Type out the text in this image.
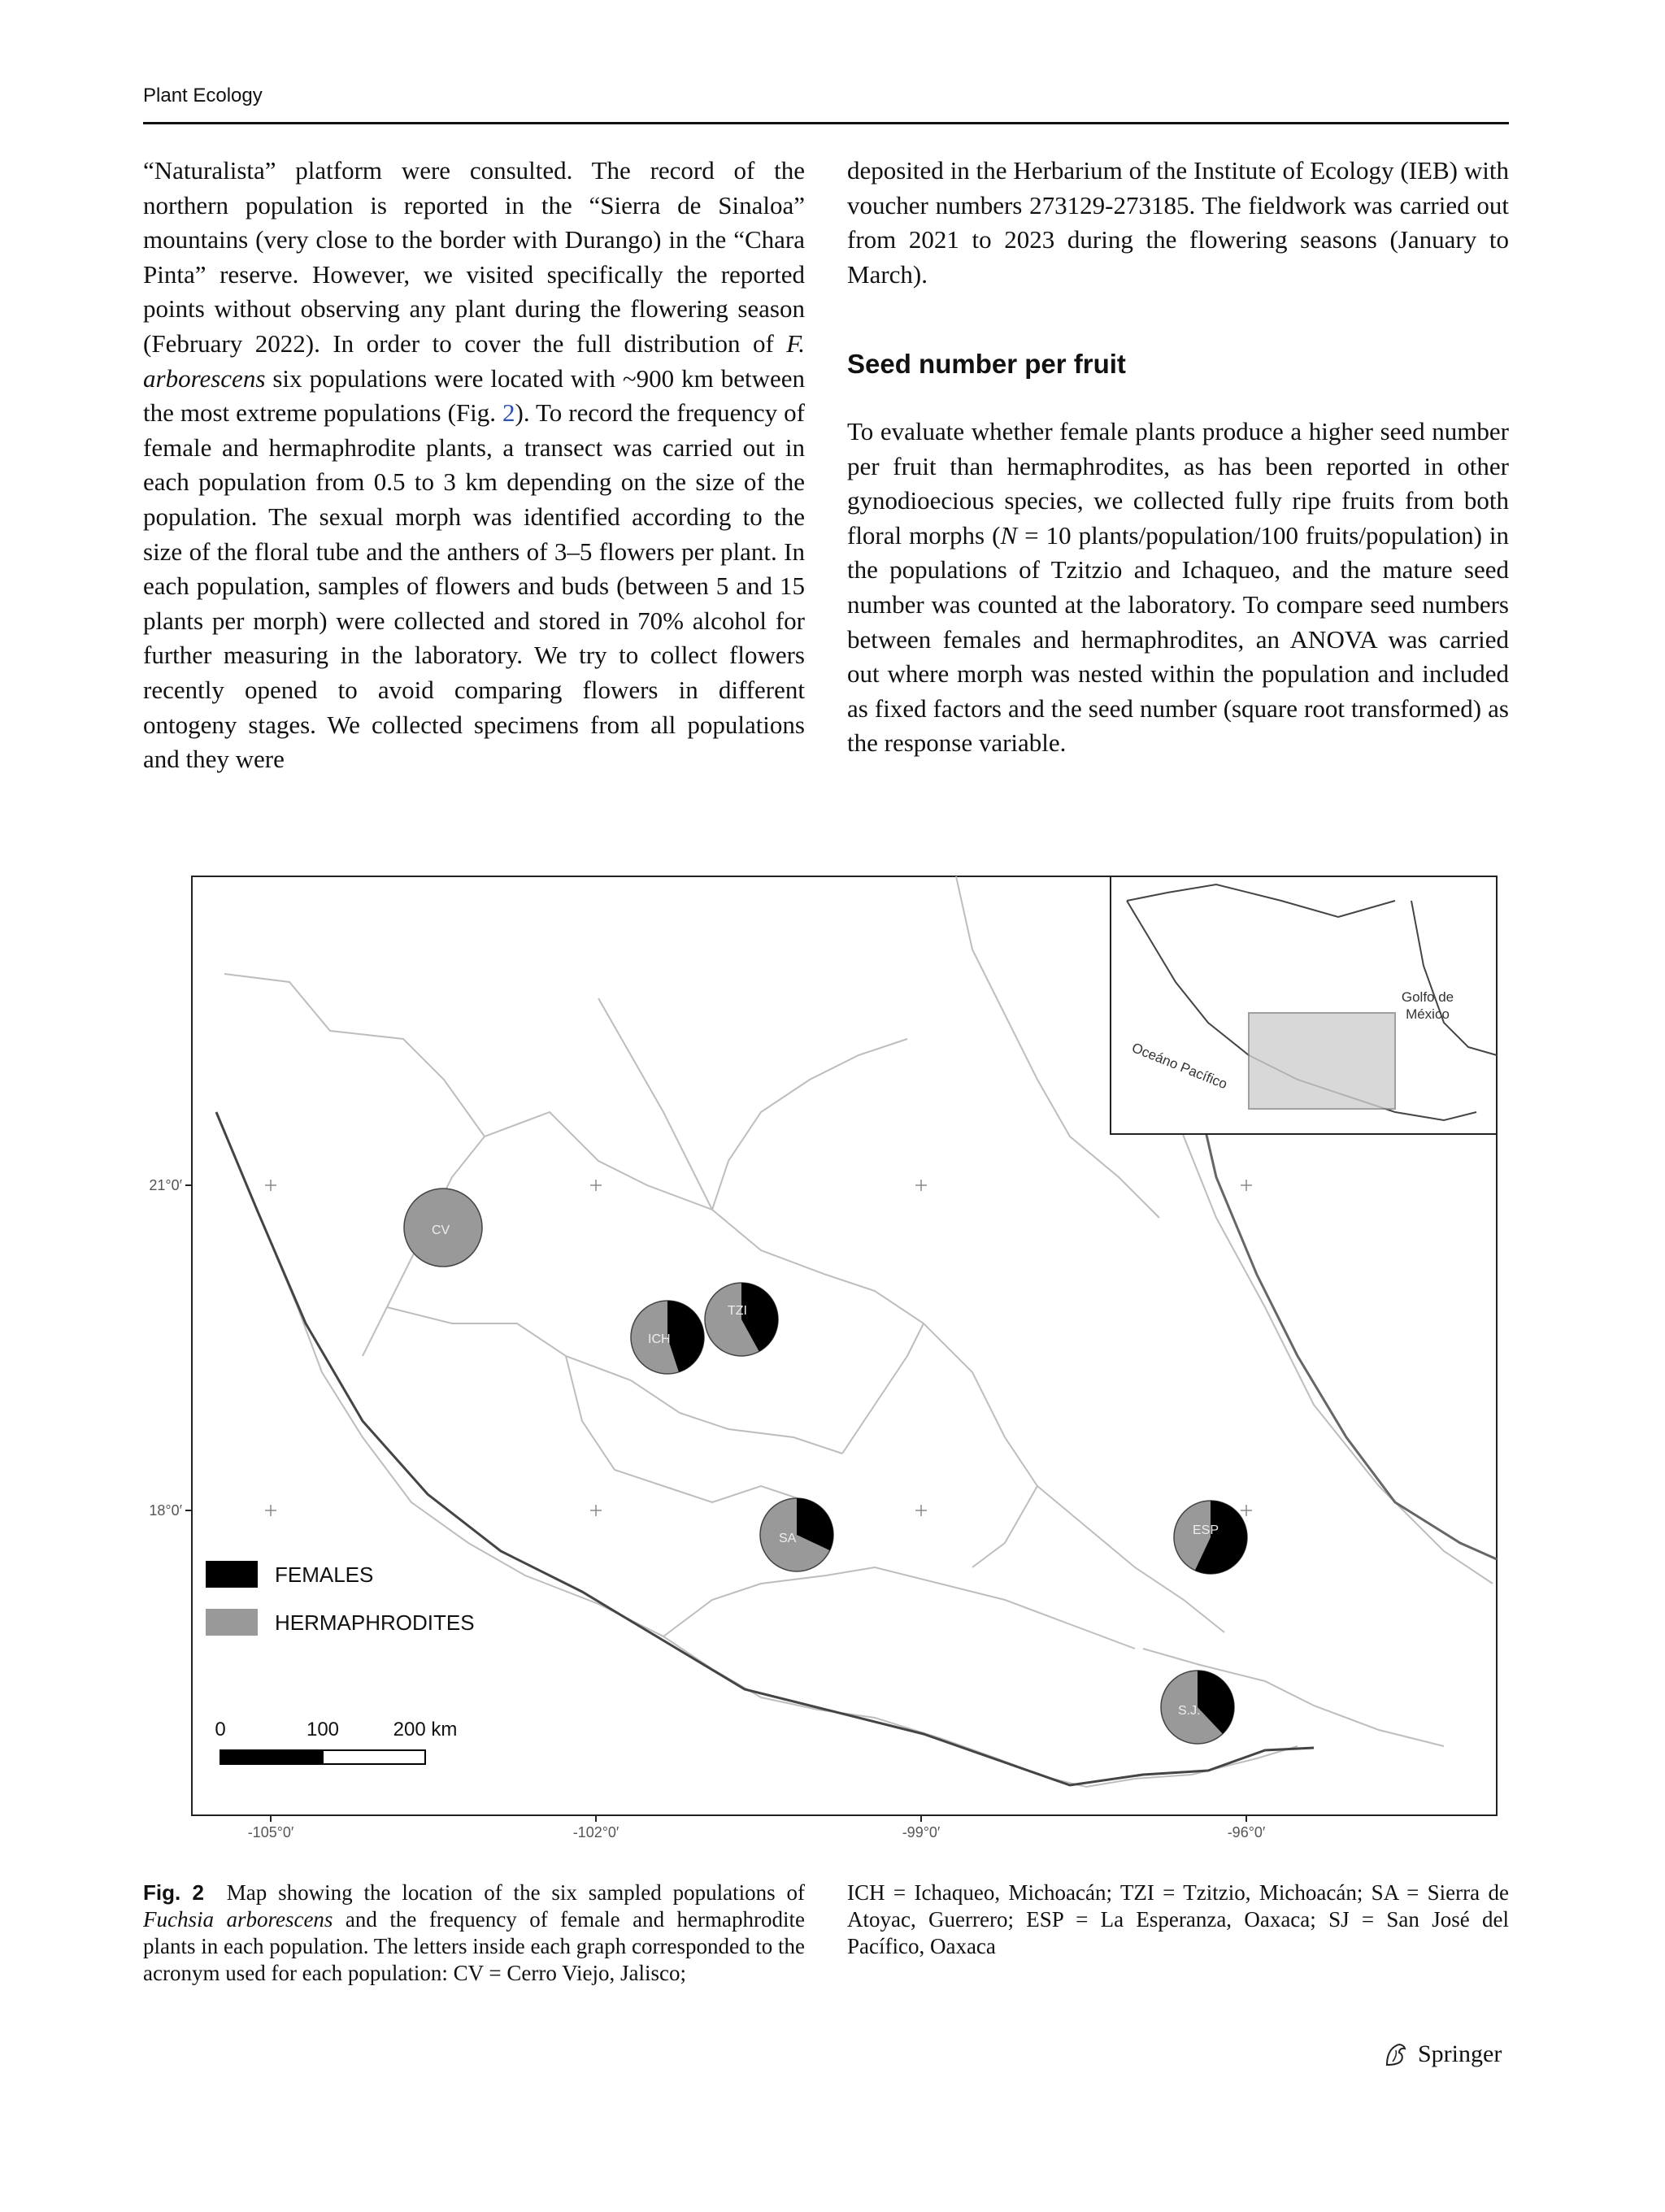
Plant Ecology

“Naturalista” platform were consulted. The record of the northern population is reported in the “Sierra de Sinaloa” mountains (very close to the border with Durango) in the “Chara Pinta” reserve. However, we visited specifically the reported points without observing any plant during the flowering season (February 2022). In order to cover the full distribution of F. arborescens six populations were located with ~900 km between the most extreme populations (Fig. 2). To record the frequency of female and hermaphrodite plants, a transect was carried out in each population from 0.5 to 3 km depending on the size of the population. The sexual morph was identified according to the size of the floral tube and the anthers of 3–5 flowers per plant. In each population, samples of flowers and buds (between 5 and 15 plants per morph) were collected and stored in 70% alcohol for further measuring in the laboratory. We try to collect flowers recently opened to avoid comparing flowers in different ontogeny stages. We collected specimens from all populations and they were

deposited in the Herbarium of the Institute of Ecology (IEB) with voucher numbers 273129-273185. The fieldwork was carried out from 2021 to 2023 during the flowering seasons (January to March).

Seed number per fruit

To evaluate whether female plants produce a higher seed number per fruit than hermaphrodites, as has been reported in other gynodioecious species, we collected fully ripe fruits from both floral morphs (N = 10 plants/population/100 fruits/population) in the populations of Tzitzio and Ichaqueo, and the mature seed number was counted at the laboratory. To compare seed numbers between females and hermaphrodites, an ANOVA was carried out where morph was nested within the population and included as fixed factors and the seed number (square root transformed) as the response variable.

Golfo de
México
Oceáno Pacífico
21°0′
18°0′
-105°0′	-102°0′	-99°0′	-96°0′
FEMALES
HERMAPHRODITES
0	100	200 km
CV
ICH
TZI
SA
ESP
S.J.
Fig. 2 Map showing the location of the six sampled populations of Fuchsia arborescens and the frequency of female and hermaphrodite plants in each population. The letters inside each graph corresponded to the acronym used for each population: CV = Cerro Viejo, Jalisco;
ICH = Ichaqueo, Michoacán; TZI = Tzitzio, Michoacán; SA = Sierra de Atoyac, Guerrero; ESP = La Esperanza, Oaxaca; SJ = San José del Pacífico, Oaxaca
Springer
